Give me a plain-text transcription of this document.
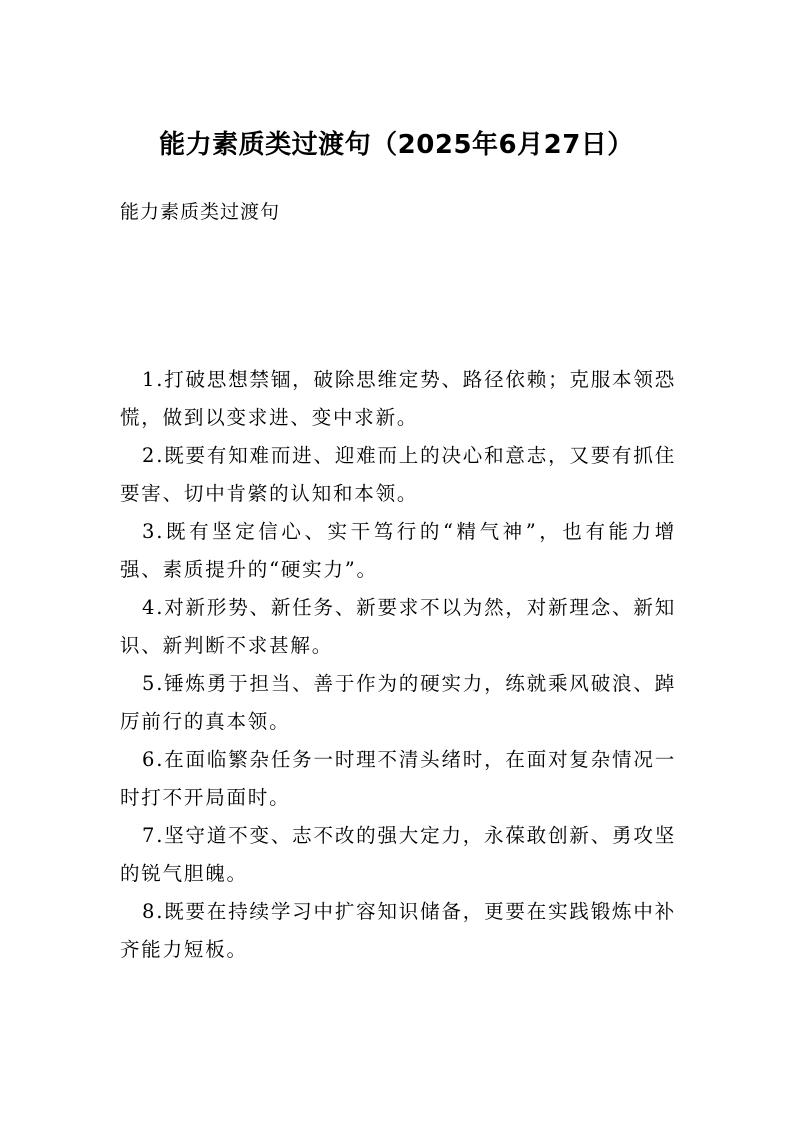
能力素质类过渡句（2025年6月27日）
能力素质类过渡句
1.打破思想禁锢，破除思维定势、路径依赖；克服本领恐慌，做到以变求进、变中求新。
2.既要有知难而进、迎难而上的决心和意志，又要有抓住要害、切中肯綮的认知和本领。
3.既有坚定信心、实干笃行的“精气神”，也有能力增强、素质提升的“硬实力”。
4.对新形势、新任务、新要求不以为然，对新理念、新知识、新判断不求甚解。
5.锤炼勇于担当、善于作为的硬实力，练就乘风破浪、踔厉前行的真本领。
6.在面临繁杂任务一时理不清头绪时，在面对复杂情况一时打不开局面时。
7.坚守道不变、志不改的强大定力，永葆敢创新、勇攻坚的锐气胆魄。
8.既要在持续学习中扩容知识储备，更要在实践锻炼中补齐能力短板。
